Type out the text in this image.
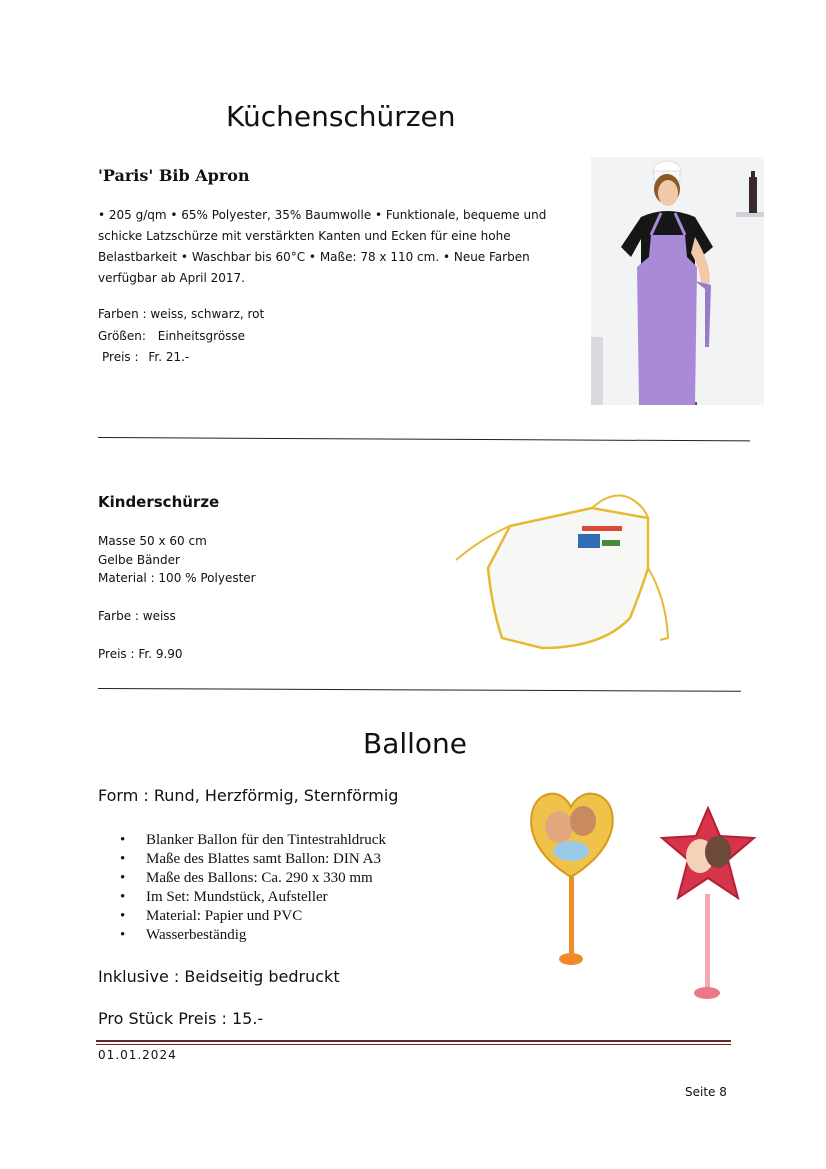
Küchenschürzen
'Paris' Bib Apron
• 205 g/qm • 65% Polyester, 35% Baumwolle • Funktionale, bequeme und schicke Latzschürze mit verstärkten Kanten und Ecken für eine hohe Belastbarkeit • Waschbar bis 60°C • Maße: 78 x 110 cm. • Neue Farben verfügbar ab April 2017.
Farben : weiss, schwarz, rot
Größen: Einheitsgrösse
Preis : Fr. 21.-
Kinderschürze
Masse 50 x 60 cm
Gelbe Bänder
Material : 100 % Polyester
Farbe : weiss
Preis : Fr. 9.90
Ballone
Form : Rund, Herzförmig, Sternförmig
• Blanker Ballon für den Tintestrahldruck
• Maße des Blattes samt Ballon: DIN A3
• Maße des Ballons: Ca. 290 x 330 mm
• Im Set: Mundstück, Aufsteller
• Material: Papier und PVC
• Wasserbeständig
Inklusive : Beidseitig bedruckt
Pro Stück Preis : 15.-
01.01.2024
Seite 8
